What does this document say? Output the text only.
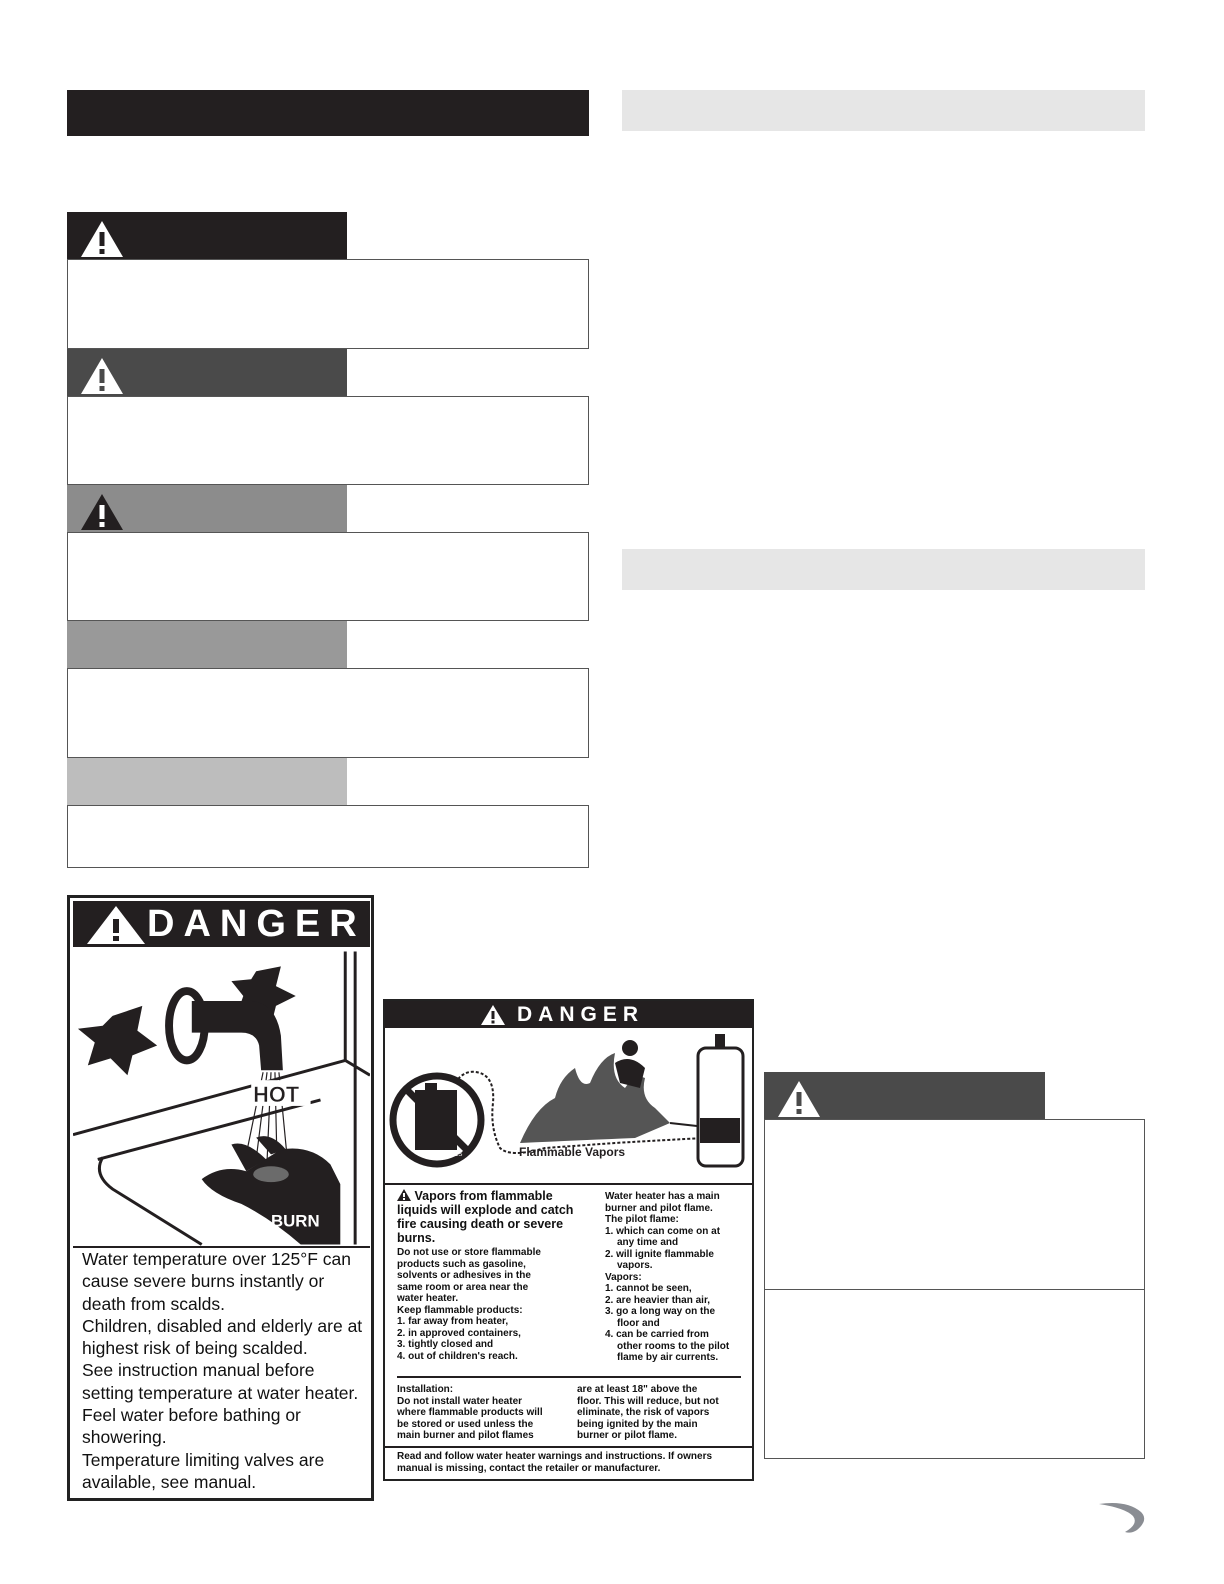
DANGER
HOT
BURN
Water temperature over 125°F can
cause severe burns instantly or
death from scalds.
Children, disabled and elderly are at
highest risk of being scalded.
See instruction manual before
setting temperature at water heater.
Feel water before bathing or
showering.
Temperature limiting valves are
available, see manual.
DANGER
FLAMMABLES	Flammable Vapors
Vapors from flammable liquids will explode and catch fire causing death or severe burns.
Do not use or store flammable
products such as gasoline,
solvents or adhesives in the
same room or area near the
water heater.
Keep flammable products:
1. far away from heater,
2. in approved containers,
3. tightly closed and
4. out of children's reach.
Water heater has a main
burner and pilot flame.
The pilot flame:
1. which can come on at
any time and
2. will ignite flammable
vapors.
Vapors:
1. cannot be seen,
2. are heavier than air,
3. go a long way on the
floor and
4. can be carried from
other rooms to the pilot
flame by air currents.
Installation:
Do not install water heater
where flammable products will
be stored or used unless the
main burner and pilot flames
are at least 18" above the
floor. This will reduce, but not
eliminate, the risk of vapors
being ignited by the main
burner or pilot flame.
Read and follow water heater warnings and instructions. If owners
manual is missing, contact the retailer or manufacturer.
